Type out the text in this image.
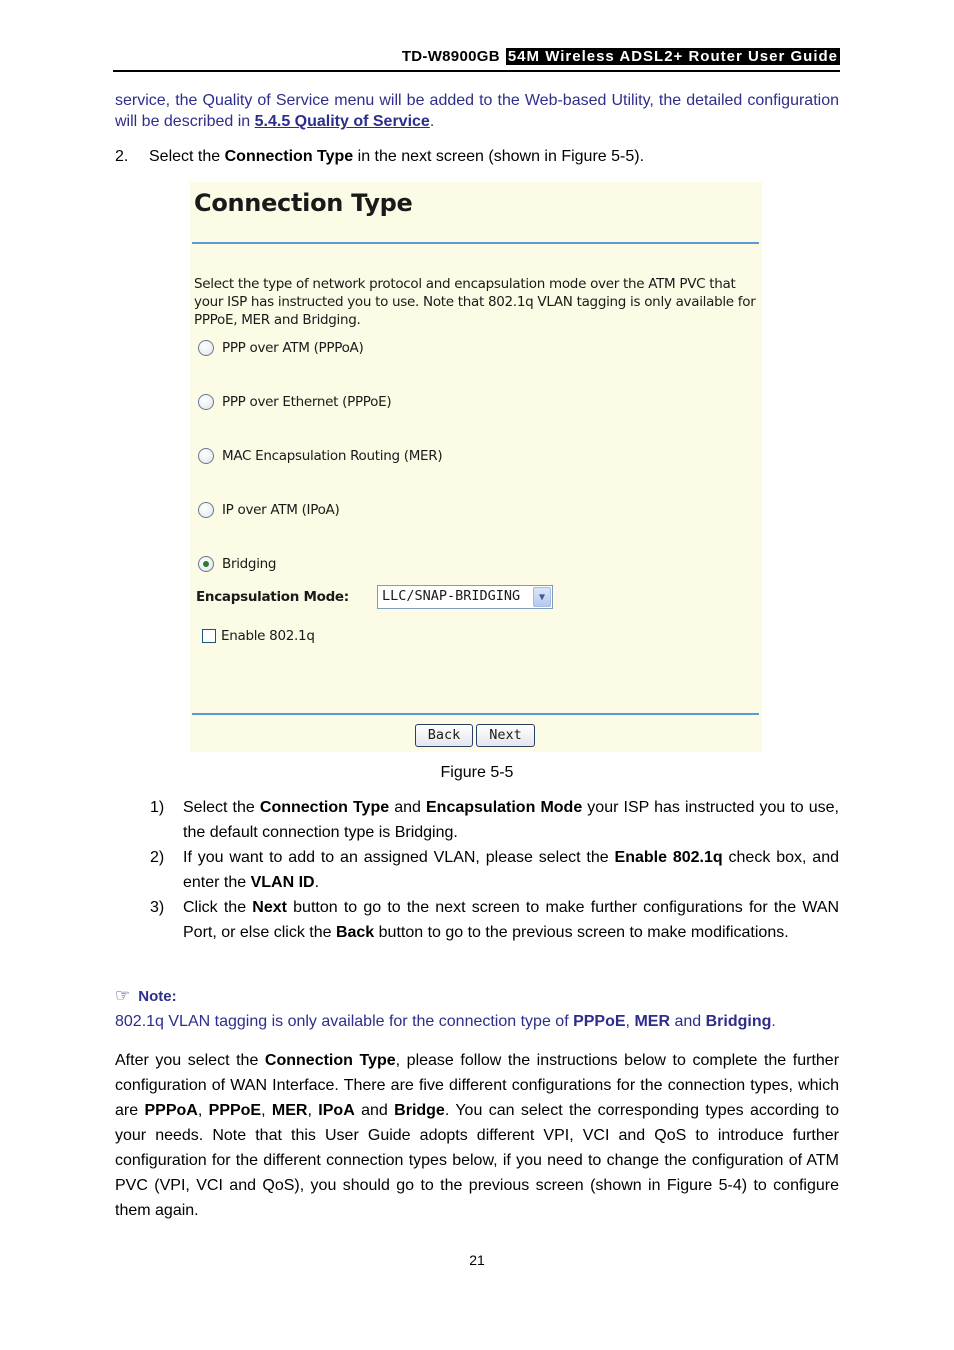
TD-W8900GB 54M Wireless ADSL2+ Router User Guide

service, the Quality of Service menu will be added to the Web-based Utility, the detailed configuration will be described in 5.4.5 Quality of Service.

2. Select the Connection Type in the next screen (shown in Figure 5-5).

Connection Type
Select the type of network protocol and encapsulation mode over the ATM PVC that your ISP has instructed you to use. Note that 802.1q VLAN tagging is only available for PPPoE, MER and Bridging.
PPP over ATM (PPPoA)
PPP over Ethernet (PPPoE)
MAC Encapsulation Routing (MER)
IP over ATM (IPoA)
Bridging
Encapsulation Mode:	LLC/SNAP-BRIDGING	▼
Enable 802.1q
Back	Next
Figure 5-5
1) Select the Connection Type and Encapsulation Mode your ISP has instructed you to use, the default connection type is Bridging.
2) If you want to add to an assigned VLAN, please select the Enable 802.1q check box, and enter the VLAN ID.
3) Click the Next button to go to the next screen to make further configurations for the WAN Port, or else click the Back button to go to the previous screen to make modifications.
☞ Note:

802.1q VLAN tagging is only available for the connection type of PPPoE, MER and Bridging.

After you select the Connection Type, please follow the instructions below to complete the further configuration of WAN Interface. There are five different configurations for the connection types, which are PPPoA, PPPoE, MER, IPoA and Bridge. You can select the corresponding types according to your needs. Note that this User Guide adopts different VPI, VCI and QoS to introduce further configuration for the different connection types below, if you need to change the configuration of ATM PVC (VPI, VCI and QoS), you should go to the previous screen (shown in Figure 5-4) to configure them again.

21
